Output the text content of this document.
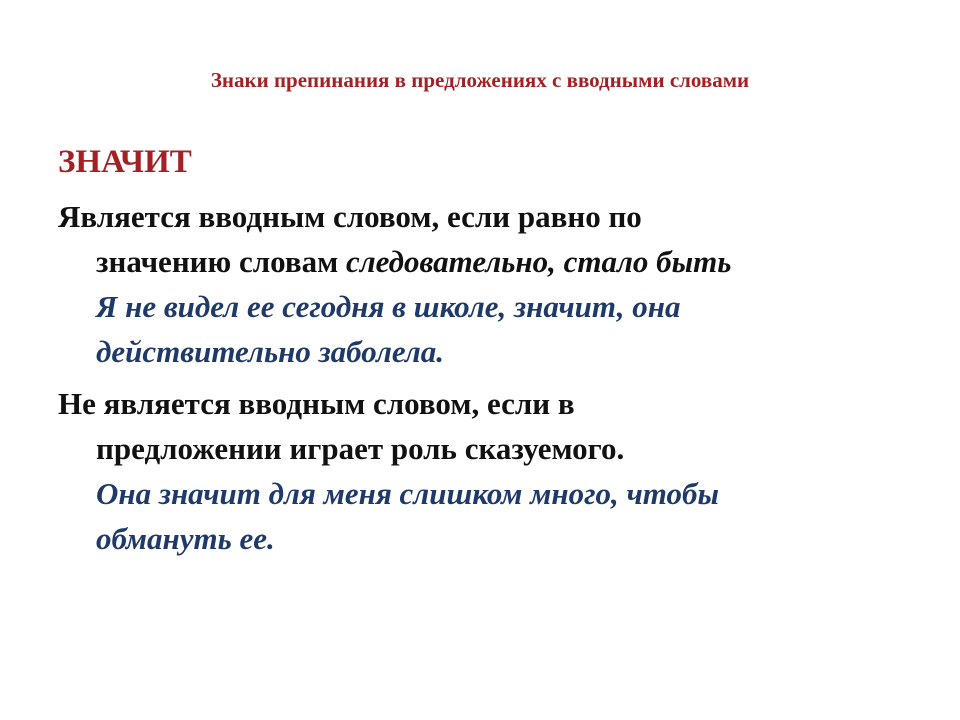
Знаки препинания в предложениях с вводными словами
ЗНАЧИТ
Является вводным словом, если равно по
значению словам следовательно, стало быть
Я не видел ее сегодня в школе, значит, она
действительно заболела.
Не является вводным словом, если в
предложении играет роль сказуемого.
Она значит для меня слишком много, чтобы
обмануть ее.
